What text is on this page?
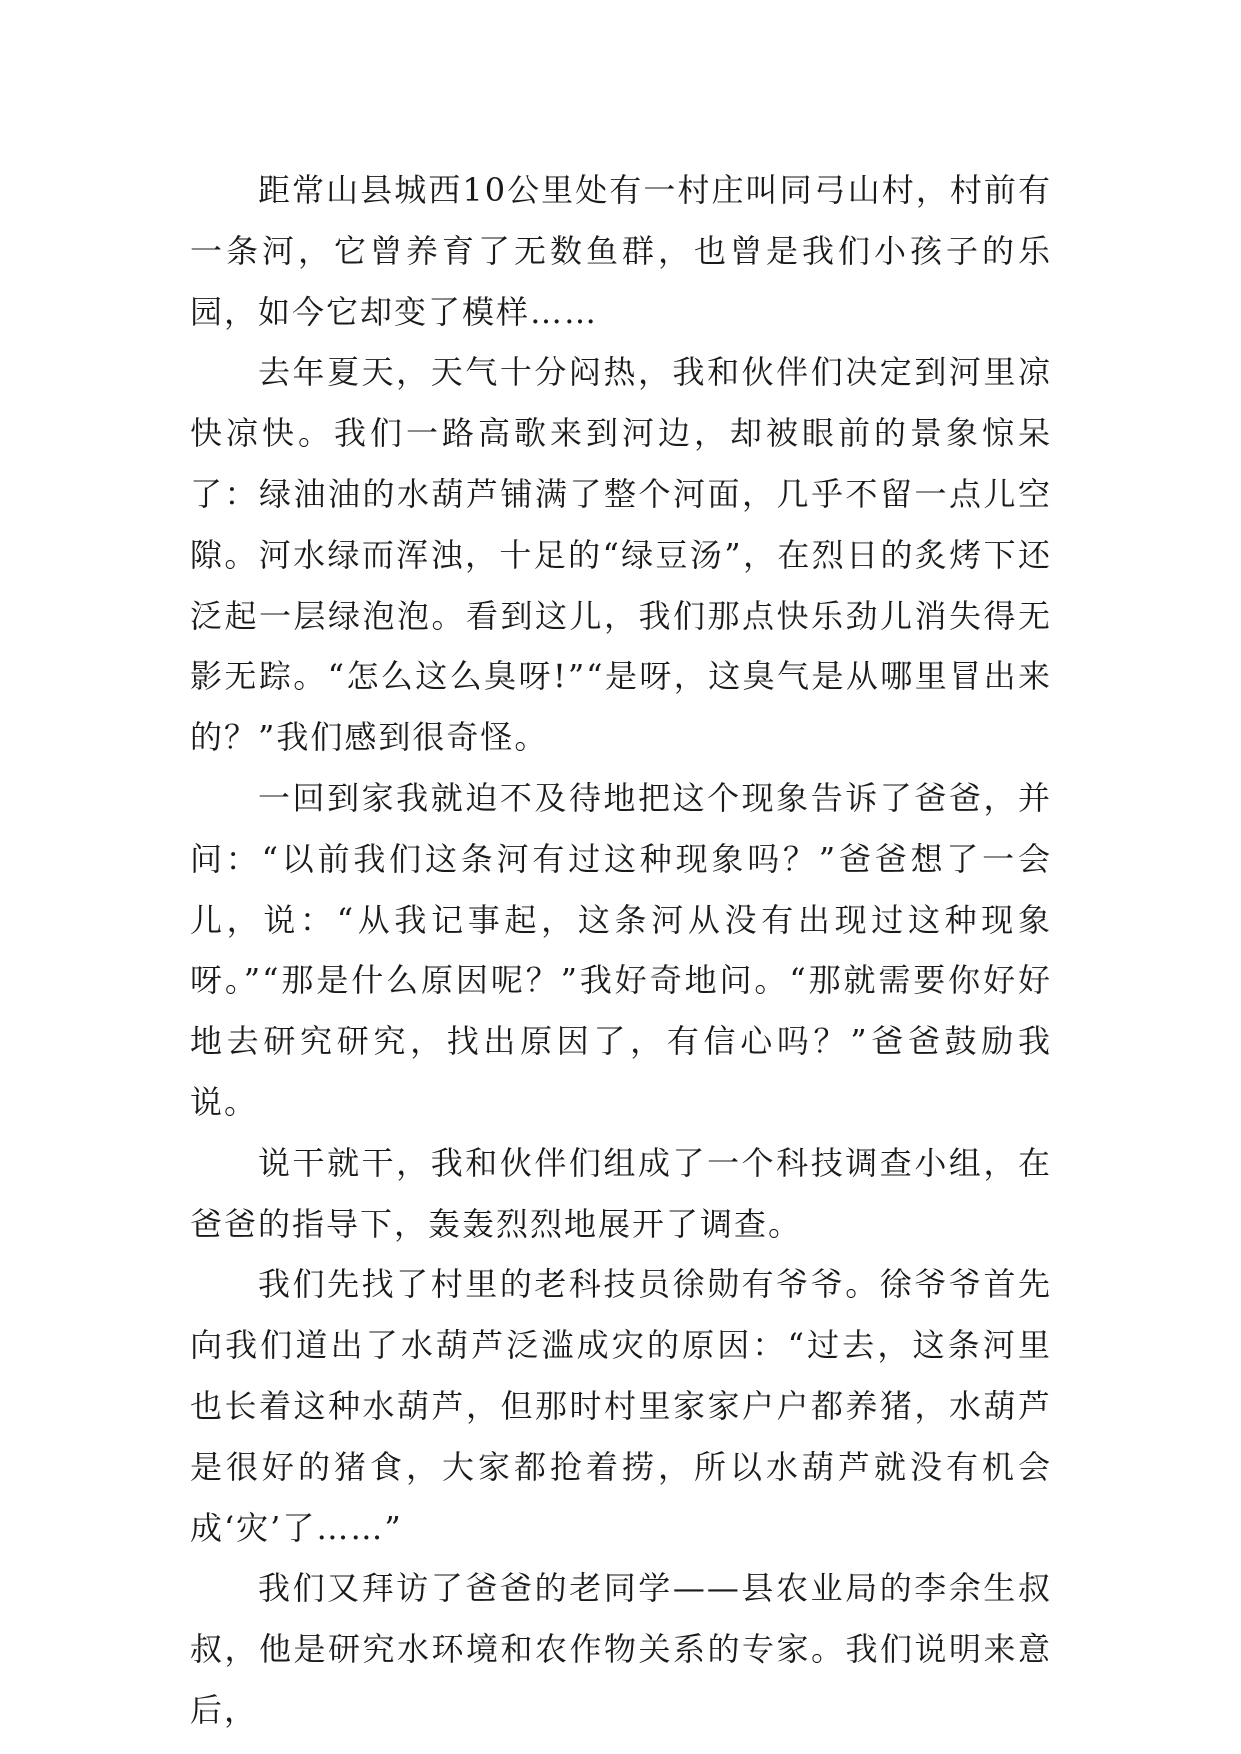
距常山县城西10公里处有一村庄叫同弓山村，村前有一条河，它曾养育了无数鱼群，也曾是我们小孩子的乐园，如今它却变了模样……

去年夏天，天气十分闷热，我和伙伴们决定到河里凉快凉快。我们一路高歌来到河边，却被眼前的景象惊呆了：绿油油的水葫芦铺满了整个河面，几乎不留一点儿空隙。河水绿而浑浊，十足的“绿豆汤”，在烈日的炙烤下还泛起一层绿泡泡。看到这儿，我们那点快乐劲儿消失得无影无踪。“怎么这么臭呀!”“是呀，这臭气是从哪里冒出来的？”我们感到很奇怪。

一回到家我就迫不及待地把这个现象告诉了爸爸，并问：“以前我们这条河有过这种现象吗？”爸爸想了一会儿，说：“从我记事起，这条河从没有出现过这种现象呀。”“那是什么原因呢？”我好奇地问。“那就需要你好好地去研究研究，找出原因了，有信心吗？”爸爸鼓励我说。

说干就干，我和伙伴们组成了一个科技调查小组，在爸爸的指导下，轰轰烈烈地展开了调查。

我们先找了村里的老科技员徐勋有爷爷。徐爷爷首先向我们道出了水葫芦泛滥成灾的原因：“过去，这条河里也长着这种水葫芦，但那时村里家家户户都养猪，水葫芦是很好的猪食，大家都抢着捞，所以水葫芦就没有机会成‘灾’了……”

我们又拜访了爸爸的老同学——县农业局的李余生叔叔，他是研究水环境和农作物关系的专家。我们说明来意后，
